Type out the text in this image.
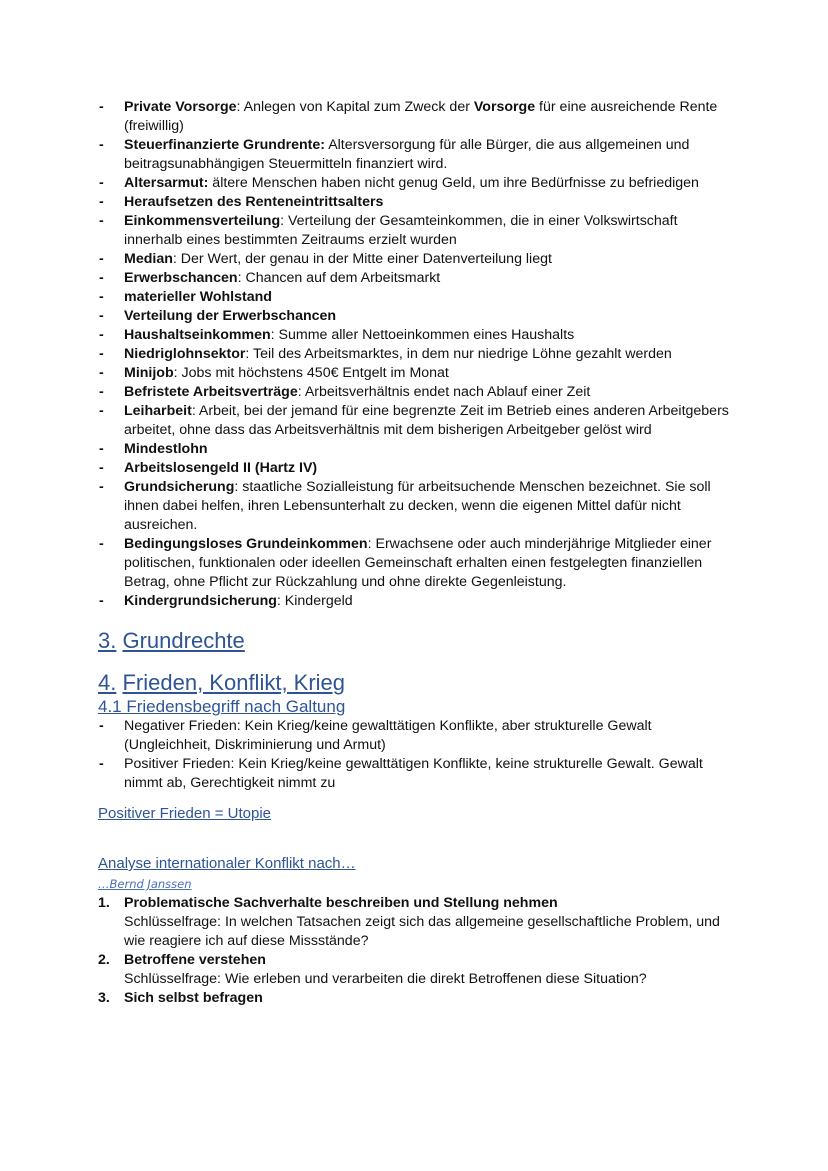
- Private Vorsorge: Anlegen von Kapital zum Zweck der Vorsorge für eine ausreichende Rente (freiwillig)
- Steuerfinanzierte Grundrente: Altersversorgung für alle Bürger, die aus allgemeinen und beitragsunabhängigen Steuermitteln finanziert wird.
- Altersarmut: ältere Menschen haben nicht genug Geld, um ihre Bedürfnisse zu befriedigen
- Heraufsetzen des Renteneintrittsalters
- Einkommensverteilung: Verteilung der Gesamteinkommen, die in einer Volkswirtschaft innerhalb eines bestimmten Zeitraums erzielt wurden
- Median: Der Wert, der genau in der Mitte einer Datenverteilung liegt
- Erwerbschancen: Chancen auf dem Arbeitsmarkt
- materieller Wohlstand
- Verteilung der Erwerbschancen
- Haushaltseinkommen: Summe aller Nettoeinkommen eines Haushalts
- Niedriglohnsektor: Teil des Arbeitsmarktes, in dem nur niedrige Löhne gezahlt werden
- Minijob: Jobs mit höchstens 450€ Entgelt im Monat
- Befristete Arbeitsverträge: Arbeitsverhältnis endet nach Ablauf einer Zeit
- Leiharbeit: Arbeit, bei der jemand für eine begrenzte Zeit im Betrieb eines anderen Arbeitgebers arbeitet, ohne dass das Arbeitsverhältnis mit dem bisherigen Arbeitgeber gelöst wird
- Mindestlohn
- Arbeitslosengeld II (Hartz IV)
- Grundsicherung: staatliche Sozialleistung für arbeitsuchende Menschen bezeichnet. Sie soll ihnen dabei helfen, ihren Lebensunterhalt zu decken, wenn die eigenen Mittel dafür nicht ausreichen.
- Bedingungsloses Grundeinkommen: Erwachsene oder auch minderjährige Mitglieder einer politischen, funktionalen oder ideellen Gemeinschaft erhalten einen festgelegten finanziellen Betrag, ohne Pflicht zur Rückzahlung und ohne direkte Gegenleistung.
- Kindergrundsicherung: Kindergeld
3. Grundrechte
4. Frieden, Konflikt, Krieg
4.1 Friedensbegriff nach Galtung
- Negativer Frieden: Kein Krieg/keine gewalttätigen Konflikte, aber strukturelle Gewalt (Ungleichheit, Diskriminierung und Armut)
- Positiver Frieden: Kein Krieg/keine gewalttätigen Konflikte, keine strukturelle Gewalt. Gewalt nimmt ab, Gerechtigkeit nimmt zu
Positiver Frieden = Utopie
Analyse internationaler Konflikt nach…
…Bernd Janssen
1. Problematische Sachverhalte beschreiben und Stellung nehmen
Schlüsselfrage: In welchen Tatsachen zeigt sich das allgemeine gesellschaftliche Problem, und wie reagiere ich auf diese Missstände?
2. Betroffene verstehen
Schlüsselfrage: Wie erleben und verarbeiten die direkt Betroffenen diese Situation?
3. Sich selbst befragen
